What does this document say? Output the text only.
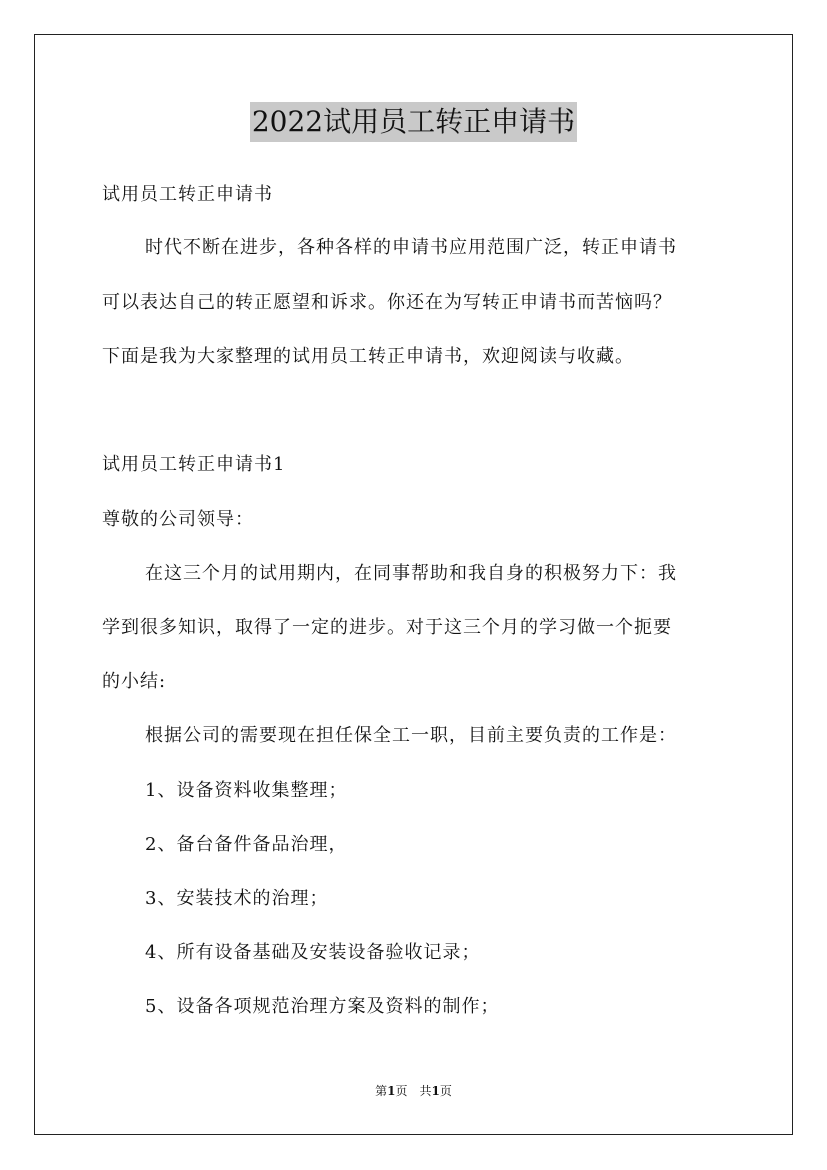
2022试用员工转正申请书
试用员工转正申请书
时代不断在进步，各种各样的申请书应用范围广泛，转正申请书
可以表达自己的转正愿望和诉求。你还在为写转正申请书而苦恼吗？
下面是我为大家整理的试用员工转正申请书，欢迎阅读与收藏。
试用员工转正申请书1
尊敬的公司领导：
在这三个月的试用期内，在同事帮助和我自身的积极努力下：我
学到很多知识，取得了一定的进步。对于这三个月的学习做一个扼要
的小结:
根据公司的需要现在担任保全工一职，目前主要负责的工作是：
1、设备资料收集整理；
2、备台备件备品治理，
3、安装技术的治理；
4、所有设备基础及安装设备验收记录；
5、设备各项规范治理方案及资料的制作；
第1页　共1页
